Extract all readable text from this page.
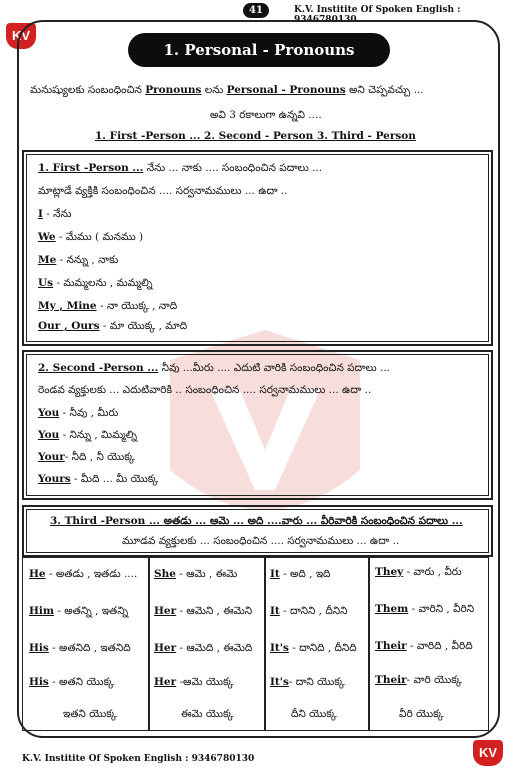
41	K.V. Institite Of Spoken English : 9346780130
KV
1. Personal - Pronouns
మనుష్యులకు సంబంధించిన Pronouns లను Personal - Pronouns అని చెప్పవచ్చు ...
అవి 3 రకాలుగా ఉన్నవి ....
1. First -Person ... 2. Second - Person 3. Third - Person
1. First -Person ... నేను ... నాకు .... సంబంధించిన పదాలు ...
మాట్లాడే వ్యక్తికి సంబంధించిన .... సర్వనామములు ... ఉదా ..
I - నేను
We - మేము ( మనము )
Me - నన్ను , నాకు
Us - మమ్మలను , మమ్మల్ని
My , Mine - నా యొక్క , నాది
Our , Ours - మా యొక్క , మాది
2. Second -Person ... నీవు ...మీరు .... ఎదుటి వారికి సంబంధించిన పదాలు ...
రెండవ వ్యక్తులకు ... ఎదుటివారికి .. సంబంధించిన .... సర్వనామములు ... ఉదా ..
You - నీవు , మీరు
You - నిన్ను , మిమ్మల్ని
Your- నీది , నీ యొక్క
Yours - మీది ... మీ యొక్క
3. Third -Person ... అతడు ... ఆమె ... అది ....వారు ... వీరివారికి సంబంధించిన పదాలు ...
మూడవ వ్యక్తులకు ... సంబంధించిన .... సర్వనామములు ... ఉదా ..
He - అతడు , ఇతడు ....
Him - అతన్ని , ఇతన్ని
His - అతనిది , ఇతనిది
His - అతని యొక్క
ఇతని యొక్క
She - ఆమె , ఈమె
Her - ఆమెని , ఈమెని
Her - ఆమెది , ఈమెది
Her -ఆమె యొక్క
ఈమె యొక్క
It - అది , ఇది
It - దానిని , దీనిని
It's - దానిది , దీనిది
It's- దాని యొక్క
దీని యొక్క
They - వారు , వీరు
Them - వారిని , వీరిని
Their - వారిది , వీరిది
Their- వారి యొక్క
వీరి యొక్క
K.V. Institite Of Spoken English : 9346780130	KV
